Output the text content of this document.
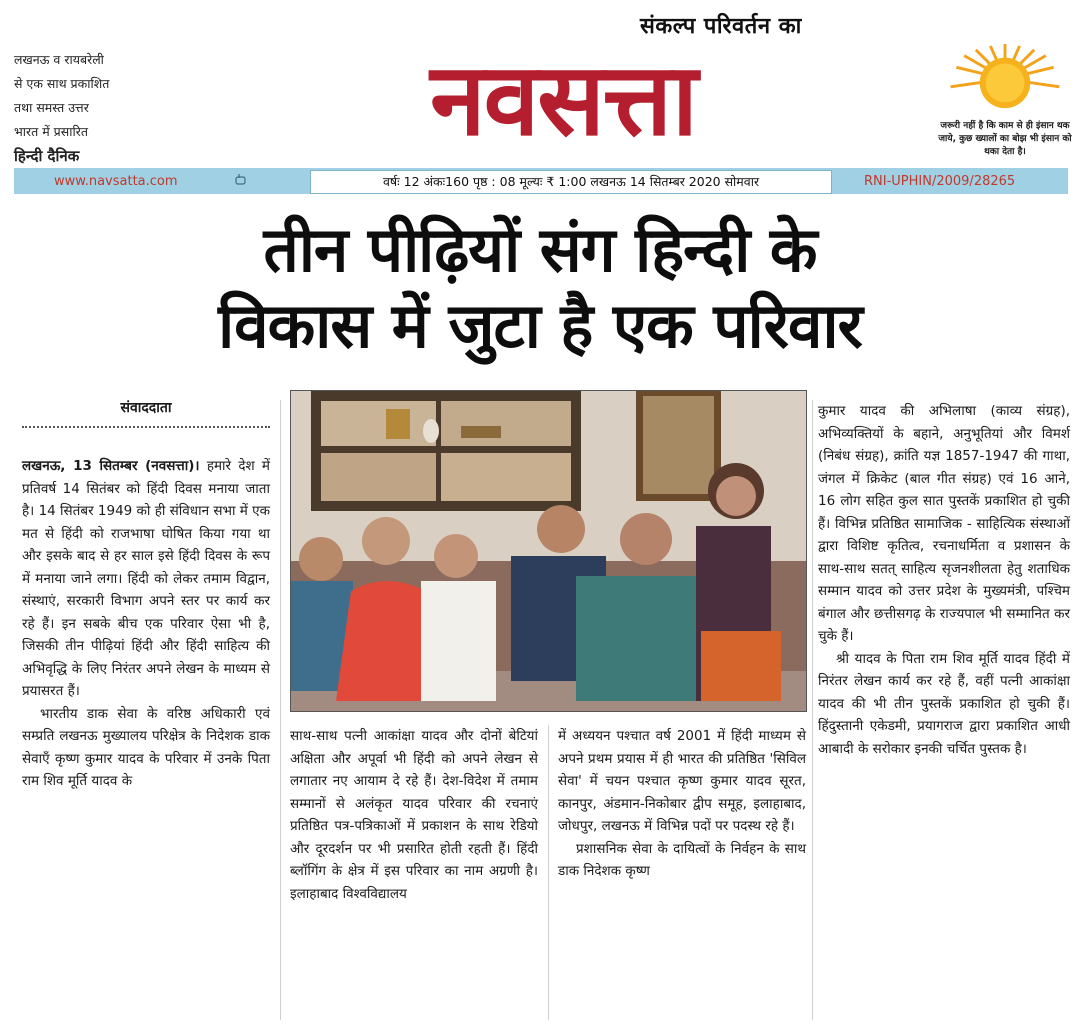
लखनऊ व रायबरेली
से एक साथ प्रकाशित
तथा समस्त उत्तर
भारत में प्रसारित
हिन्दी दैनिक
संकल्प परिवर्तन का
नवसत्ता	जरूरी नहीं है कि काम से ही इंसान थक जाये, कुछ ख्यालों का बोझ भी इंसान को थका देता है।
www.navsatta.com	वर्षः 12 अंकः160 पृष्ठ : 08 मूल्यः ₹ 1:00 लखनऊ 14 सितम्बर 2020 सोमवार	RNI-UPHIN/2009/28265
तीन पीढ़ियों संग हिन्दी के
विकास में जुटा है एक परिवार
संवाददाता

लखनऊ, 13 सितम्बर (नवसत्ता)। हमारे देश में प्रतिवर्ष 14 सितंबर को हिंदी दिवस मनाया जाता है। 14 सितंबर 1949 को ही संविधान सभा में एक मत से हिंदी को राजभाषा घोषित किया गया था और इसके बाद से हर साल इसे हिंदी दिवस के रूप में मनाया जाने लगा। हिंदी को लेकर तमाम विद्वान, संस्थाएं, सरकारी विभाग अपने स्तर पर कार्य कर रहे हैं। इन सबके बीच एक परिवार ऐसा भी है, जिसकी तीन पीढ़ियां हिंदी और हिंदी साहित्य की अभिवृद्धि के लिए निरंतर अपने लेखन के माध्यम से प्रयासरत हैं।

भारतीय डाक सेवा के वरिष्ठ अधिकारी एवं सम्प्रति लखनऊ मुख्यालय परिक्षेत्र के निदेशक डाक सेवाएँ कृष्ण कुमार यादव के परिवार में उनके पिता राम शिव मूर्ति यादव के

साथ-साथ पत्नी आकांक्षा यादव और दोनों बेटियां अक्षिता और अपूर्वा भी हिंदी को अपने लेखन से लगातार नए आयाम दे रहे हैं। देश-विदेश में तमाम सम्मानों से अलंकृत यादव परिवार की रचनाएं प्रतिष्ठित पत्र-पत्रिकाओं में प्रकाशन के साथ रेडियो और दूरदर्शन पर भी प्रसारित होती रहती हैं। हिंदी ब्लॉगिंग के क्षेत्र में इस परिवार का नाम अग्रणी है। इलाहाबाद विश्वविद्यालय

में अध्ययन पश्चात वर्ष 2001 में हिंदी माध्यम से अपने प्रथम प्रयास में ही भारत की प्रतिष्ठित 'सिविल सेवा' में चयन पश्चात कृष्ण कुमार यादव सूरत, कानपुर, अंडमान-निकोबार द्वीप समूह, इलाहाबाद, जोधपुर, लखनऊ में विभिन्न पदों पर पदस्थ रहे हैं।

प्रशासनिक सेवा के दायित्वों के निर्वहन के साथ डाक निदेशक कृष्ण

कुमार यादव की अभिलाषा (काव्य संग्रह), अभिव्यक्तियों के बहाने, अनुभूतियां और विमर्श (निबंध संग्रह), क्रांति यज्ञ 1857-1947 की गाथा, जंगल में क्रिकेट (बाल गीत संग्रह) एवं 16 आने, 16 लोग सहित कुल सात पुस्तकें प्रकाशित हो चुकी हैं। विभिन्न प्रतिष्ठित सामाजिक - साहित्यिक संस्थाओं द्वारा विशिष्ट कृतित्व, रचनाधर्मिता व प्रशासन के साथ-साथ सतत् साहित्य सृजनशीलता हेतु शताधिक सम्मान यादव को उत्तर प्रदेश के मुख्यमंत्री, पश्चिम बंगाल और छत्तीसगढ़ के राज्यपाल भी सम्मानित कर चुके हैं।

श्री यादव के पिता राम शिव मूर्ति यादव हिंदी में निरंतर लेखन कार्य कर रहे हैं, वहीं पत्नी आकांक्षा यादव की भी तीन पुस्तकें प्रकाशित हो चुकी हैं। हिंदुस्तानी एकेडमी, प्रयागराज द्वारा प्रकाशित आधी आबादी के सरोकार इनकी चर्चित पुस्तक है।
